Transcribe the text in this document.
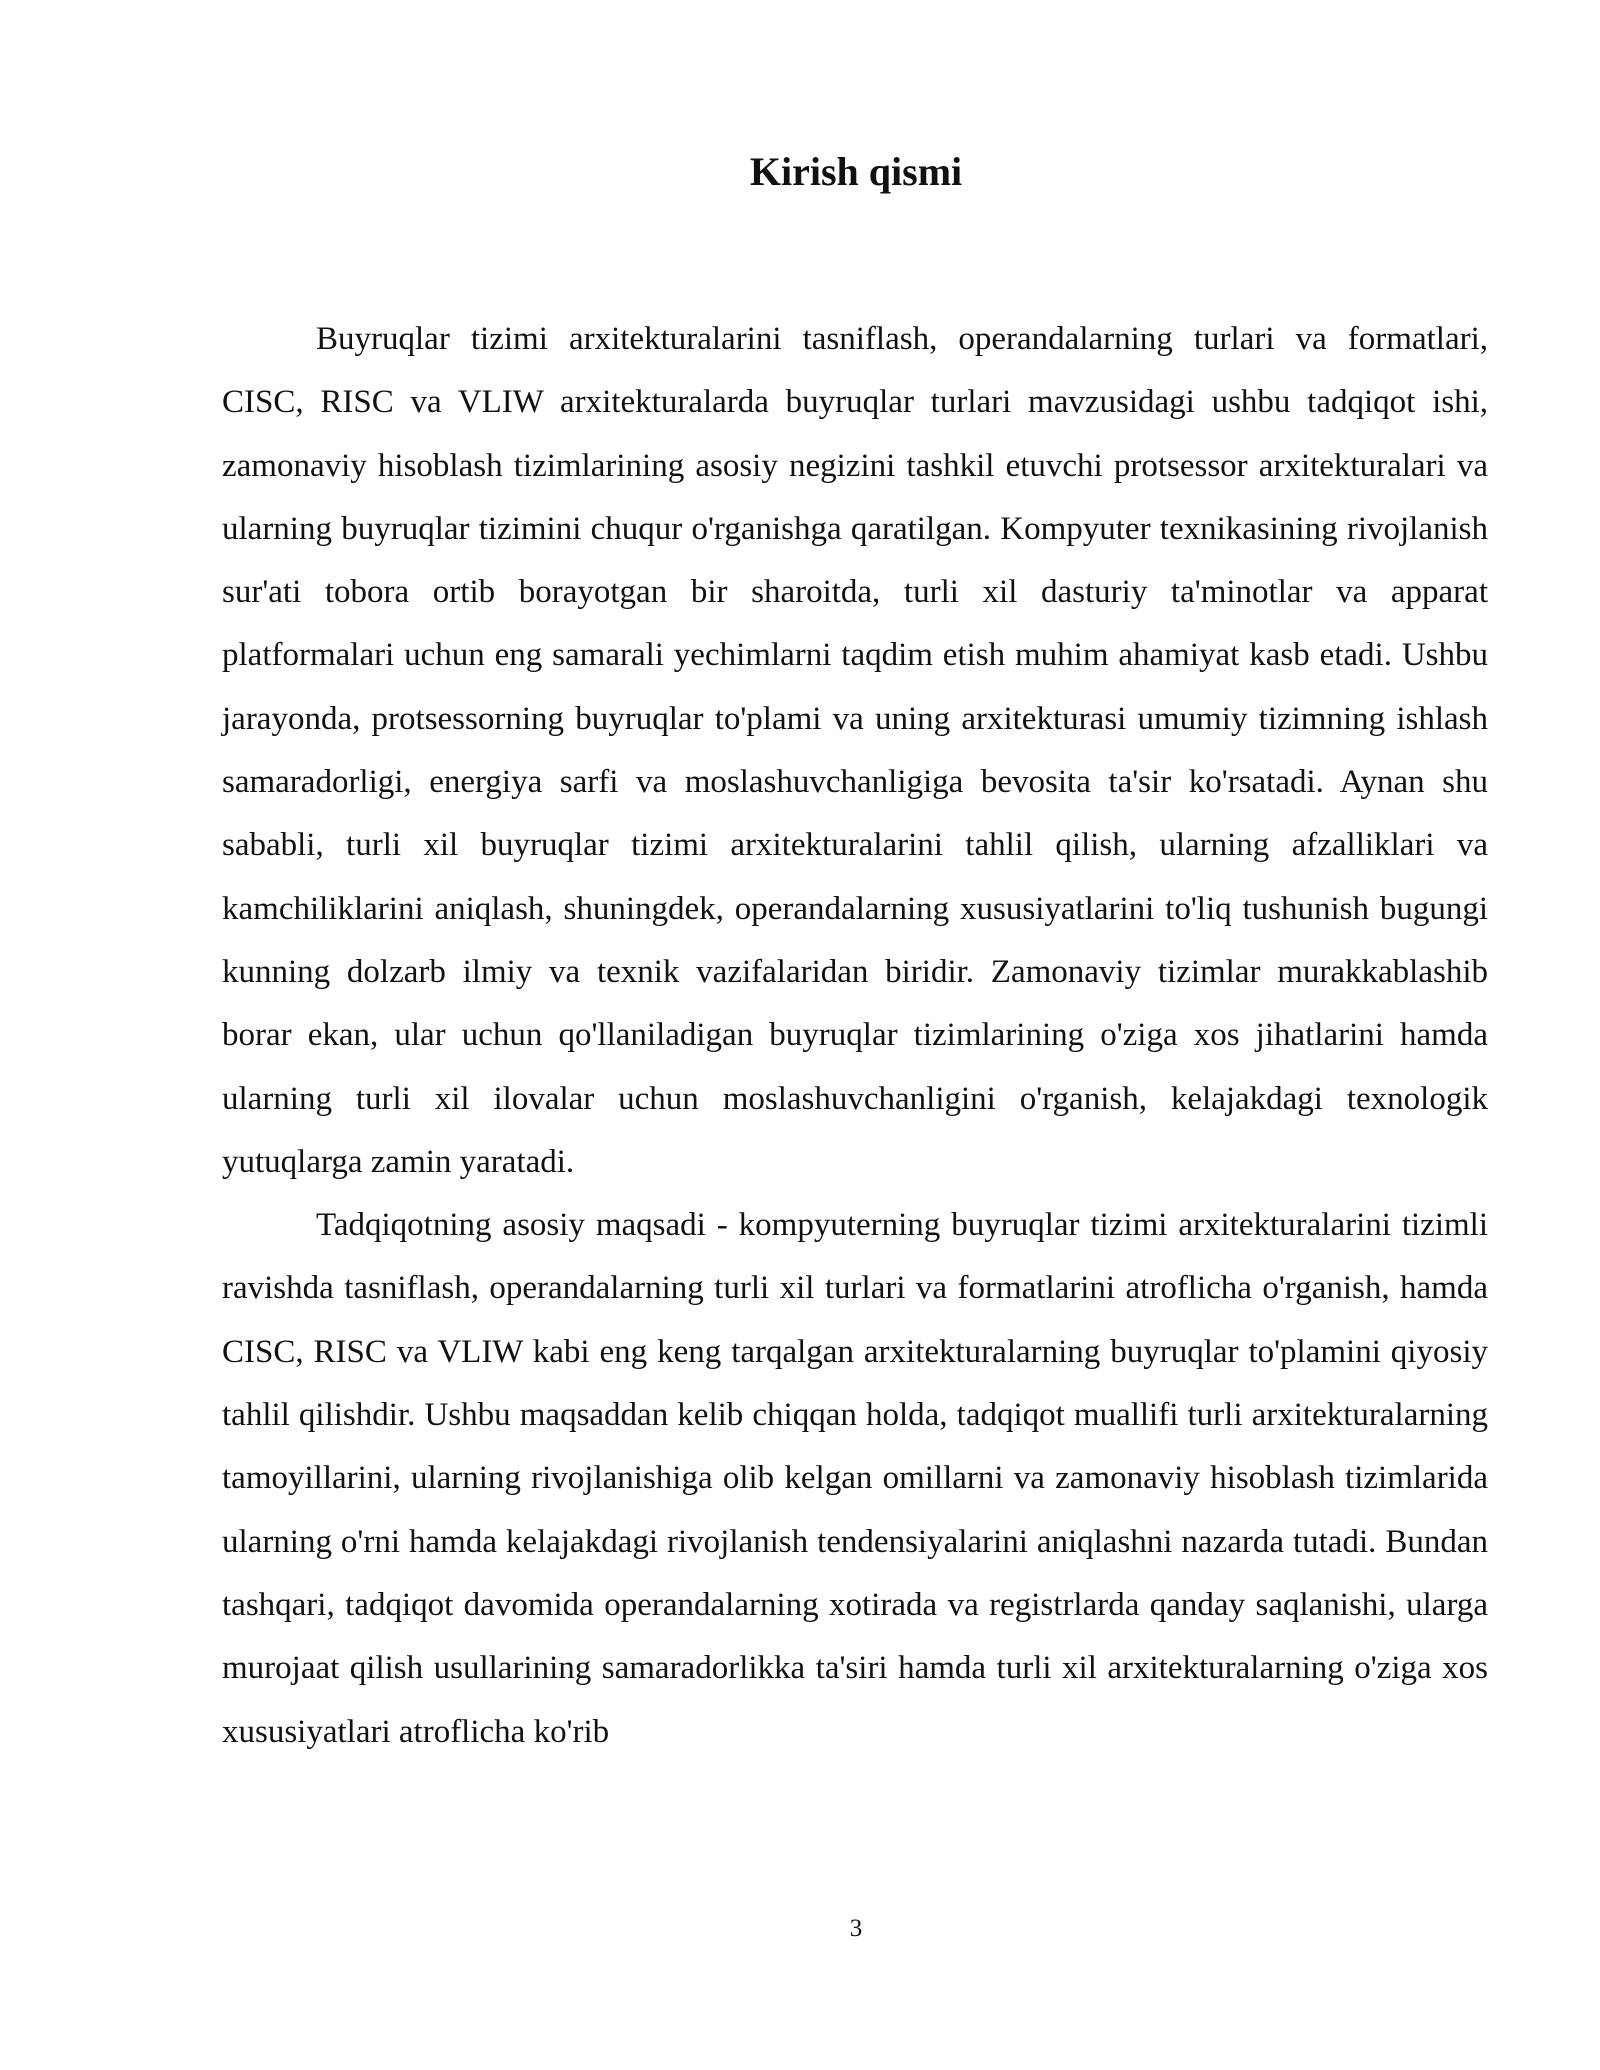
Kirish qismi

Buyruqlar tizimi arxitekturalarini tasniflash, operandalarning turlari va formatlari, CISC, RISC va VLIW arxitekturalarda buyruqlar turlari mavzusidagi ushbu tadqiqot ishi, zamonaviy hisoblash tizimlarining asosiy negizini tashkil etuvchi protsessor arxitekturalari va ularning buyruqlar tizimini chuqur o'rganishga qaratilgan. Kompyuter texnikasining rivojlanish sur'ati tobora ortib borayotgan bir sharoitda, turli xil dasturiy ta'minotlar va apparat platformalari uchun eng samarali yechimlarni taqdim etish muhim ahamiyat kasb etadi. Ushbu jarayonda, protsessorning buyruqlar to'plami va uning arxitekturasi umumiy tizimning ishlash samaradorligi, energiya sarfi va moslashuvchanligiga bevosita ta'sir ko'rsatadi. Aynan shu sababli, turli xil buyruqlar tizimi arxitekturalarini tahlil qilish, ularning afzalliklari va kamchiliklarini aniqlash, shuningdek, operandalarning xususiyatlarini to'liq tushunish bugungi kunning dolzarb ilmiy va texnik vazifalaridan biridir. Zamonaviy tizimlar murakkablashib borar ekan, ular uchun qo'llaniladigan buyruqlar tizimlarining o'ziga xos jihatlarini hamda ularning turli xil ilovalar uchun moslashuvchanligini o'rganish, kelajakdagi texnologik yutuqlarga zamin yaratadi.

Tadqiqotning asosiy maqsadi - kompyuterning buyruqlar tizimi arxitekturalarini tizimli ravishda tasniflash, operandalarning turli xil turlari va formatlarini atroflicha o'rganish, hamda CISC, RISC va VLIW kabi eng keng tarqalgan arxitekturalarning buyruqlar to'plamini qiyosiy tahlil qilishdir. Ushbu maqsaddan kelib chiqqan holda, tadqiqot muallifi turli arxitekturalarning tamoyillarini, ularning rivojlanishiga olib kelgan omillarni va zamonaviy hisoblash tizimlarida ularning o'rni hamda kelajakdagi rivojlanish tendensiyalarini aniqlashni nazarda tutadi. Bundan tashqari, tadqiqot davomida operandalarning xotirada va registrlarda qanday saqlanishi, ularga murojaat qilish usullarining samaradorlikka ta'siri hamda turli xil arxitekturalarning o'ziga xos xususiyatlari atroflicha ko'rib

3
